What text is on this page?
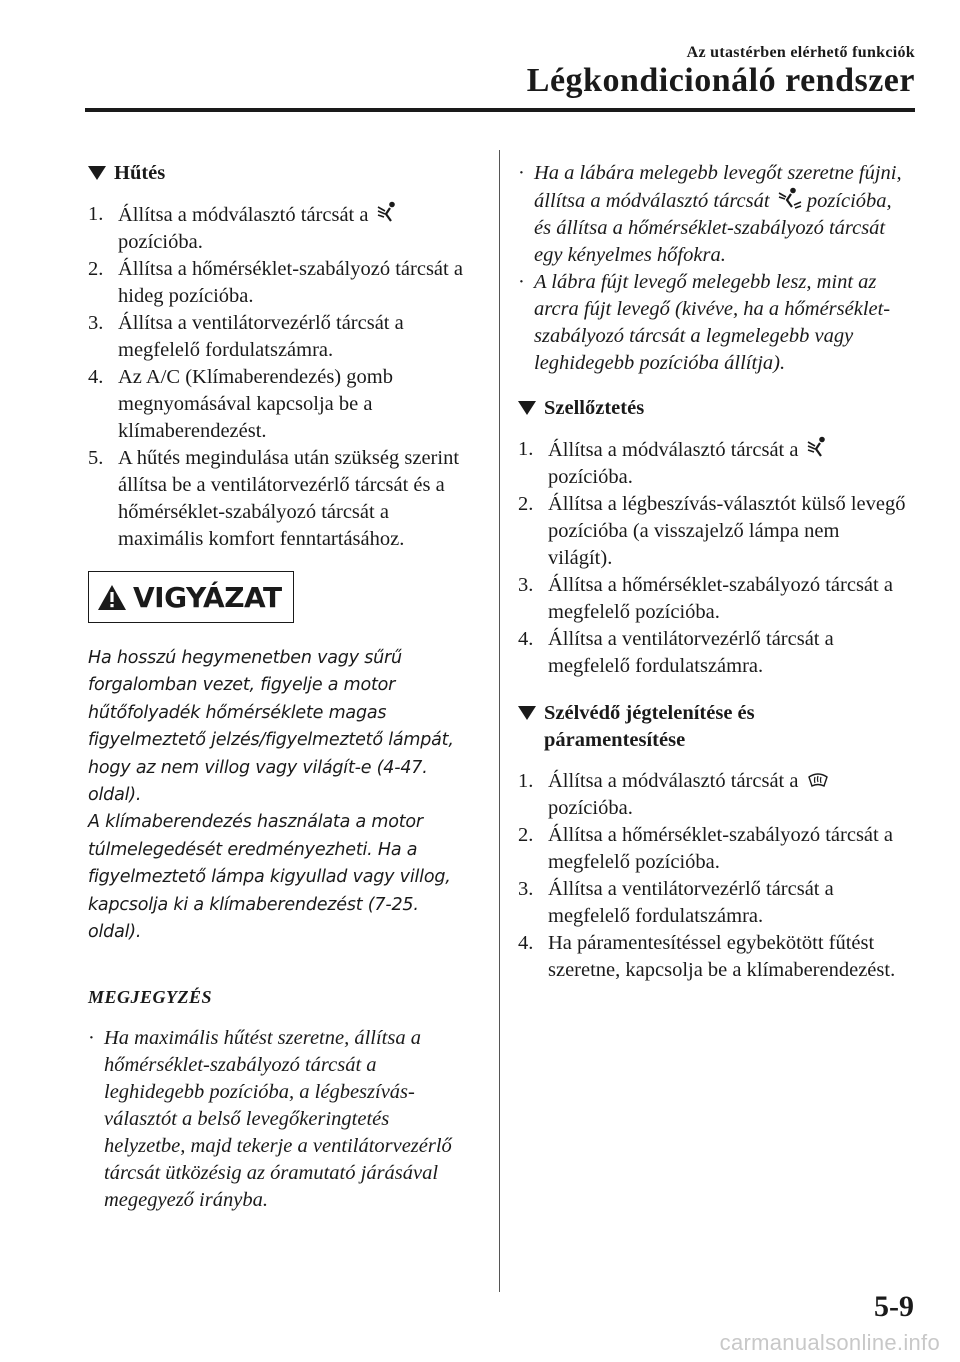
Az utastérben elérhető funkciók
Légkondicionáló rendszer
Hűtés
1. Állítsa a módválasztó tárcsát a
pozícióba.
2. Állítsa a hőmérséklet-szabályozó tárcsát a hideg pozícióba.
3. Állítsa a ventilátorvezérlő tárcsát a megfelelő fordulatszámra.
4. Az A/C (Klímaberendezés) gomb megnyomásával kapcsolja be a klímaberendezést.
5. A hűtés megindulása után szükség szerint állítsa be a ventilátorvezérlő tárcsát és a hőmérséklet-szabályozó tárcsát a maximális komfort fenntartásához.
VIGYÁZAT

Ha hosszú hegymenetben vagy sűrű forgalomban vezet, figyelje a motor hűtőfolyadék hőmérséklete magas figyelmeztető jelzés/figyelmeztető lámpát, hogy az nem villog vagy világít-e (4-47. oldal).

A klímaberendezés használata a motor túlmelegedését eredményezheti. Ha a figyelmeztető lámpa kigyullad vagy villog, kapcsolja ki a klímaberendezést (7-25. oldal).

MEGJEGYZÉS
· Ha maximális hűtést szeretne, állítsa a hőmérséklet-szabályozó tárcsát a leghidegebb pozícióba, a légbeszívás-választót a belső levegőkeringtetés helyzetbe, majd tekerje a ventilátorvezérlő tárcsát ütközésig az óramutató járásával megegyező irányba.
· Ha a lábára melegebb levegőt szeretne fújni, állítsa a módválasztó tárcsát pozícióba, és állítsa a hőmérséklet-szabályozó tárcsát egy kényelmes hőfokra.
· A lábra fújt levegő melegebb lesz, mint az arcra fújt levegő (kivéve, ha a hőmérséklet-szabályozó tárcsát a legmelegebb vagy leghidegebb pozícióba állítja).
Szellőztetés
1. Állítsa a módválasztó tárcsát a
pozícióba.
2. Állítsa a légbeszívás-választót külső levegő pozícióba (a visszajelző lámpa nem világít).
3. Állítsa a hőmérséklet-szabályozó tárcsát a megfelelő pozícióba.
4. Állítsa a ventilátorvezérlő tárcsát a megfelelő fordulatszámra.
Szélvédő jégtelenítése és
páramentesítése
1. Állítsa a módválasztó tárcsát a
pozícióba.
2. Állítsa a hőmérséklet-szabályozó tárcsát a megfelelő pozícióba.
3. Állítsa a ventilátorvezérlő tárcsát a megfelelő fordulatszámra.
4. Ha páramentesítéssel egybekötött fűtést szeretne, kapcsolja be a klímaberendezést.
5-9
carmanualsonline.info
